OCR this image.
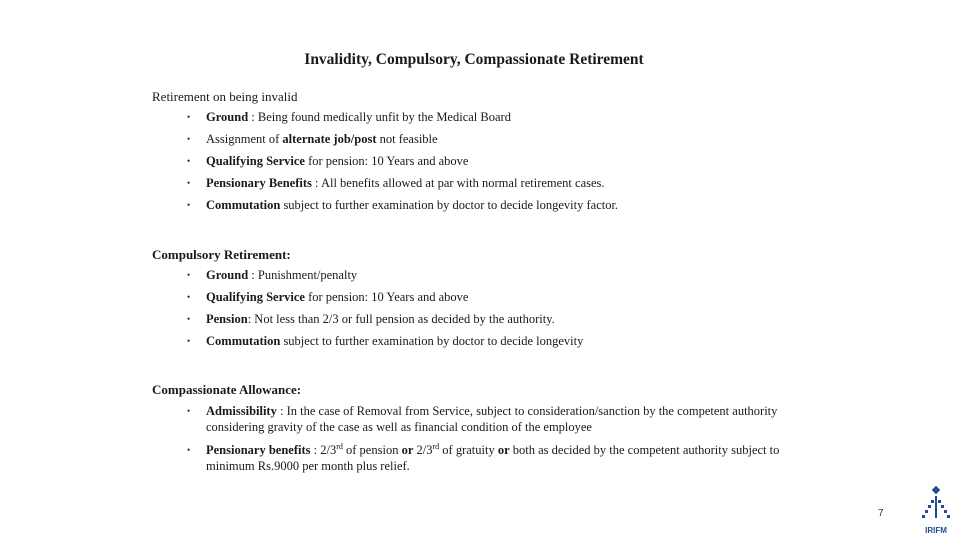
Invalidity, Compulsory, Compassionate Retirement
Retirement on being invalid
• Ground : Being found medically unfit by the Medical Board
• Assignment of alternate job/post not feasible
• Qualifying Service for pension: 10 Years and above
• Pensionary Benefits : All benefits allowed at par with normal retirement cases.
• Commutation subject to further examination by doctor to decide longevity factor.
Compulsory Retirement:
• Ground : Punishment/penalty
• Qualifying Service for pension: 10 Years and above
• Pension: Not less than 2/3 or full pension as decided by the authority.
• Commutation subject to further examination by doctor to decide longevity
Compassionate Allowance:
• Admissibility : In the case of Removal from Service, subject to consideration/sanction by the competent authority considering gravity of the case as well as financial condition of the employee
• Pensionary benefits : 2/3rd of pension or 2/3rd of gratuity or both as decided by the competent authority subject to minimum Rs.9000 per month plus relief.
7
IRIFM
